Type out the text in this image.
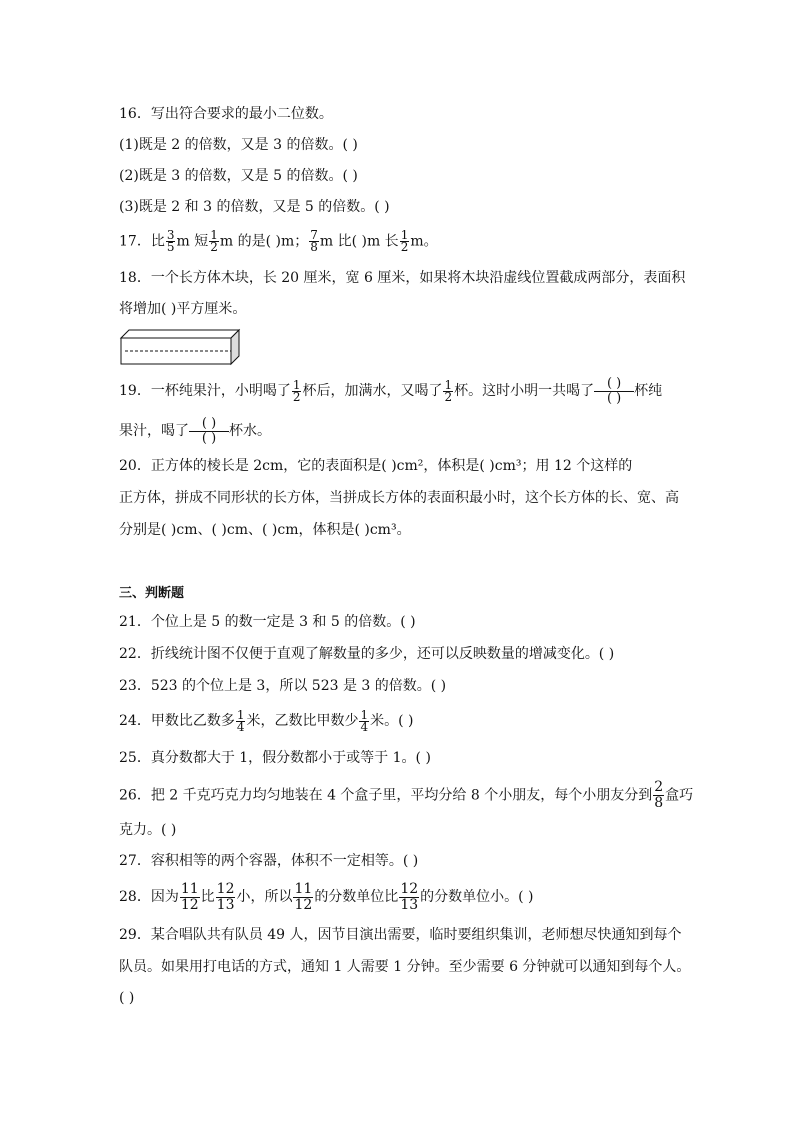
16．写出符合要求的最小二位数。
(1)既是 2 的倍数，又是 3 的倍数。( )
(2)既是 3 的倍数，又是 5 的倍数。( )
(3)既是 2 和 3 的倍数，又是 5 的倍数。( )
17．比 $\frac{3}{5}$ m 短 $\frac{1}{2}$ m 的是( )m； $\frac{7}{8}$ m 比( )m 长 $\frac{1}{2}$ m。
18．一个长方体木块，长 20 厘米，宽 6 厘米，如果将木块沿虚线位置截成两部分，表面积
将增加( )平方厘米。
19．一杯纯果汁，小明喝了 $\frac{1}{2}$ 杯后，加满水，又喝了 $\frac{1}{2}$ 杯。这时小明一共喝了 ( )
( ) 杯纯
果汁，喝了 ( )
( ) 杯水。
20．正方体的棱长是 2cm，它的表面积是( )cm²，体积是( )cm³；用 12 个这样的
正方体，拼成不同形状的长方体，当拼成长方体的表面积最小时，这个长方体的长、宽、高
分别是( )cm、( )cm、( )cm，体积是( )cm³。
三、判断题
21．个位上是 5 的数一定是 3 和 5 的倍数。( )
22．折线统计图不仅便于直观了解数量的多少，还可以反映数量的增减变化。( )
23．523 的个位上是 3，所以 523 是 3 的倍数。( )
24．甲数比乙数多 $\frac{1}{4}$ 米，乙数比甲数少 $\frac{1}{4}$ 米。( )
25．真分数都大于 1，假分数都小于或等于 1。( )
26．把 2 千克巧克力均匀地装在 4 个盒子里，平均分给 8 个小朋友，每个小朋友分到 $\frac{2}{8}$ 盒巧
克力。( )
27．容积相等的两个容器，体积不一定相等。( )
28．因为 $\frac{11}{12}$ 比 $\frac{12}{13}$ 小，所以 $\frac{11}{12}$ 的分数单位比 $\frac{12}{13}$ 的分数单位小。( )
29．某合唱队共有队员 49 人，因节目演出需要，临时要组织集训，老师想尽快通知到每个
队员。如果用打电话的方式，通知 1 人需要 1 分钟。至少需要 6 分钟就可以通知到每个人。
( )
